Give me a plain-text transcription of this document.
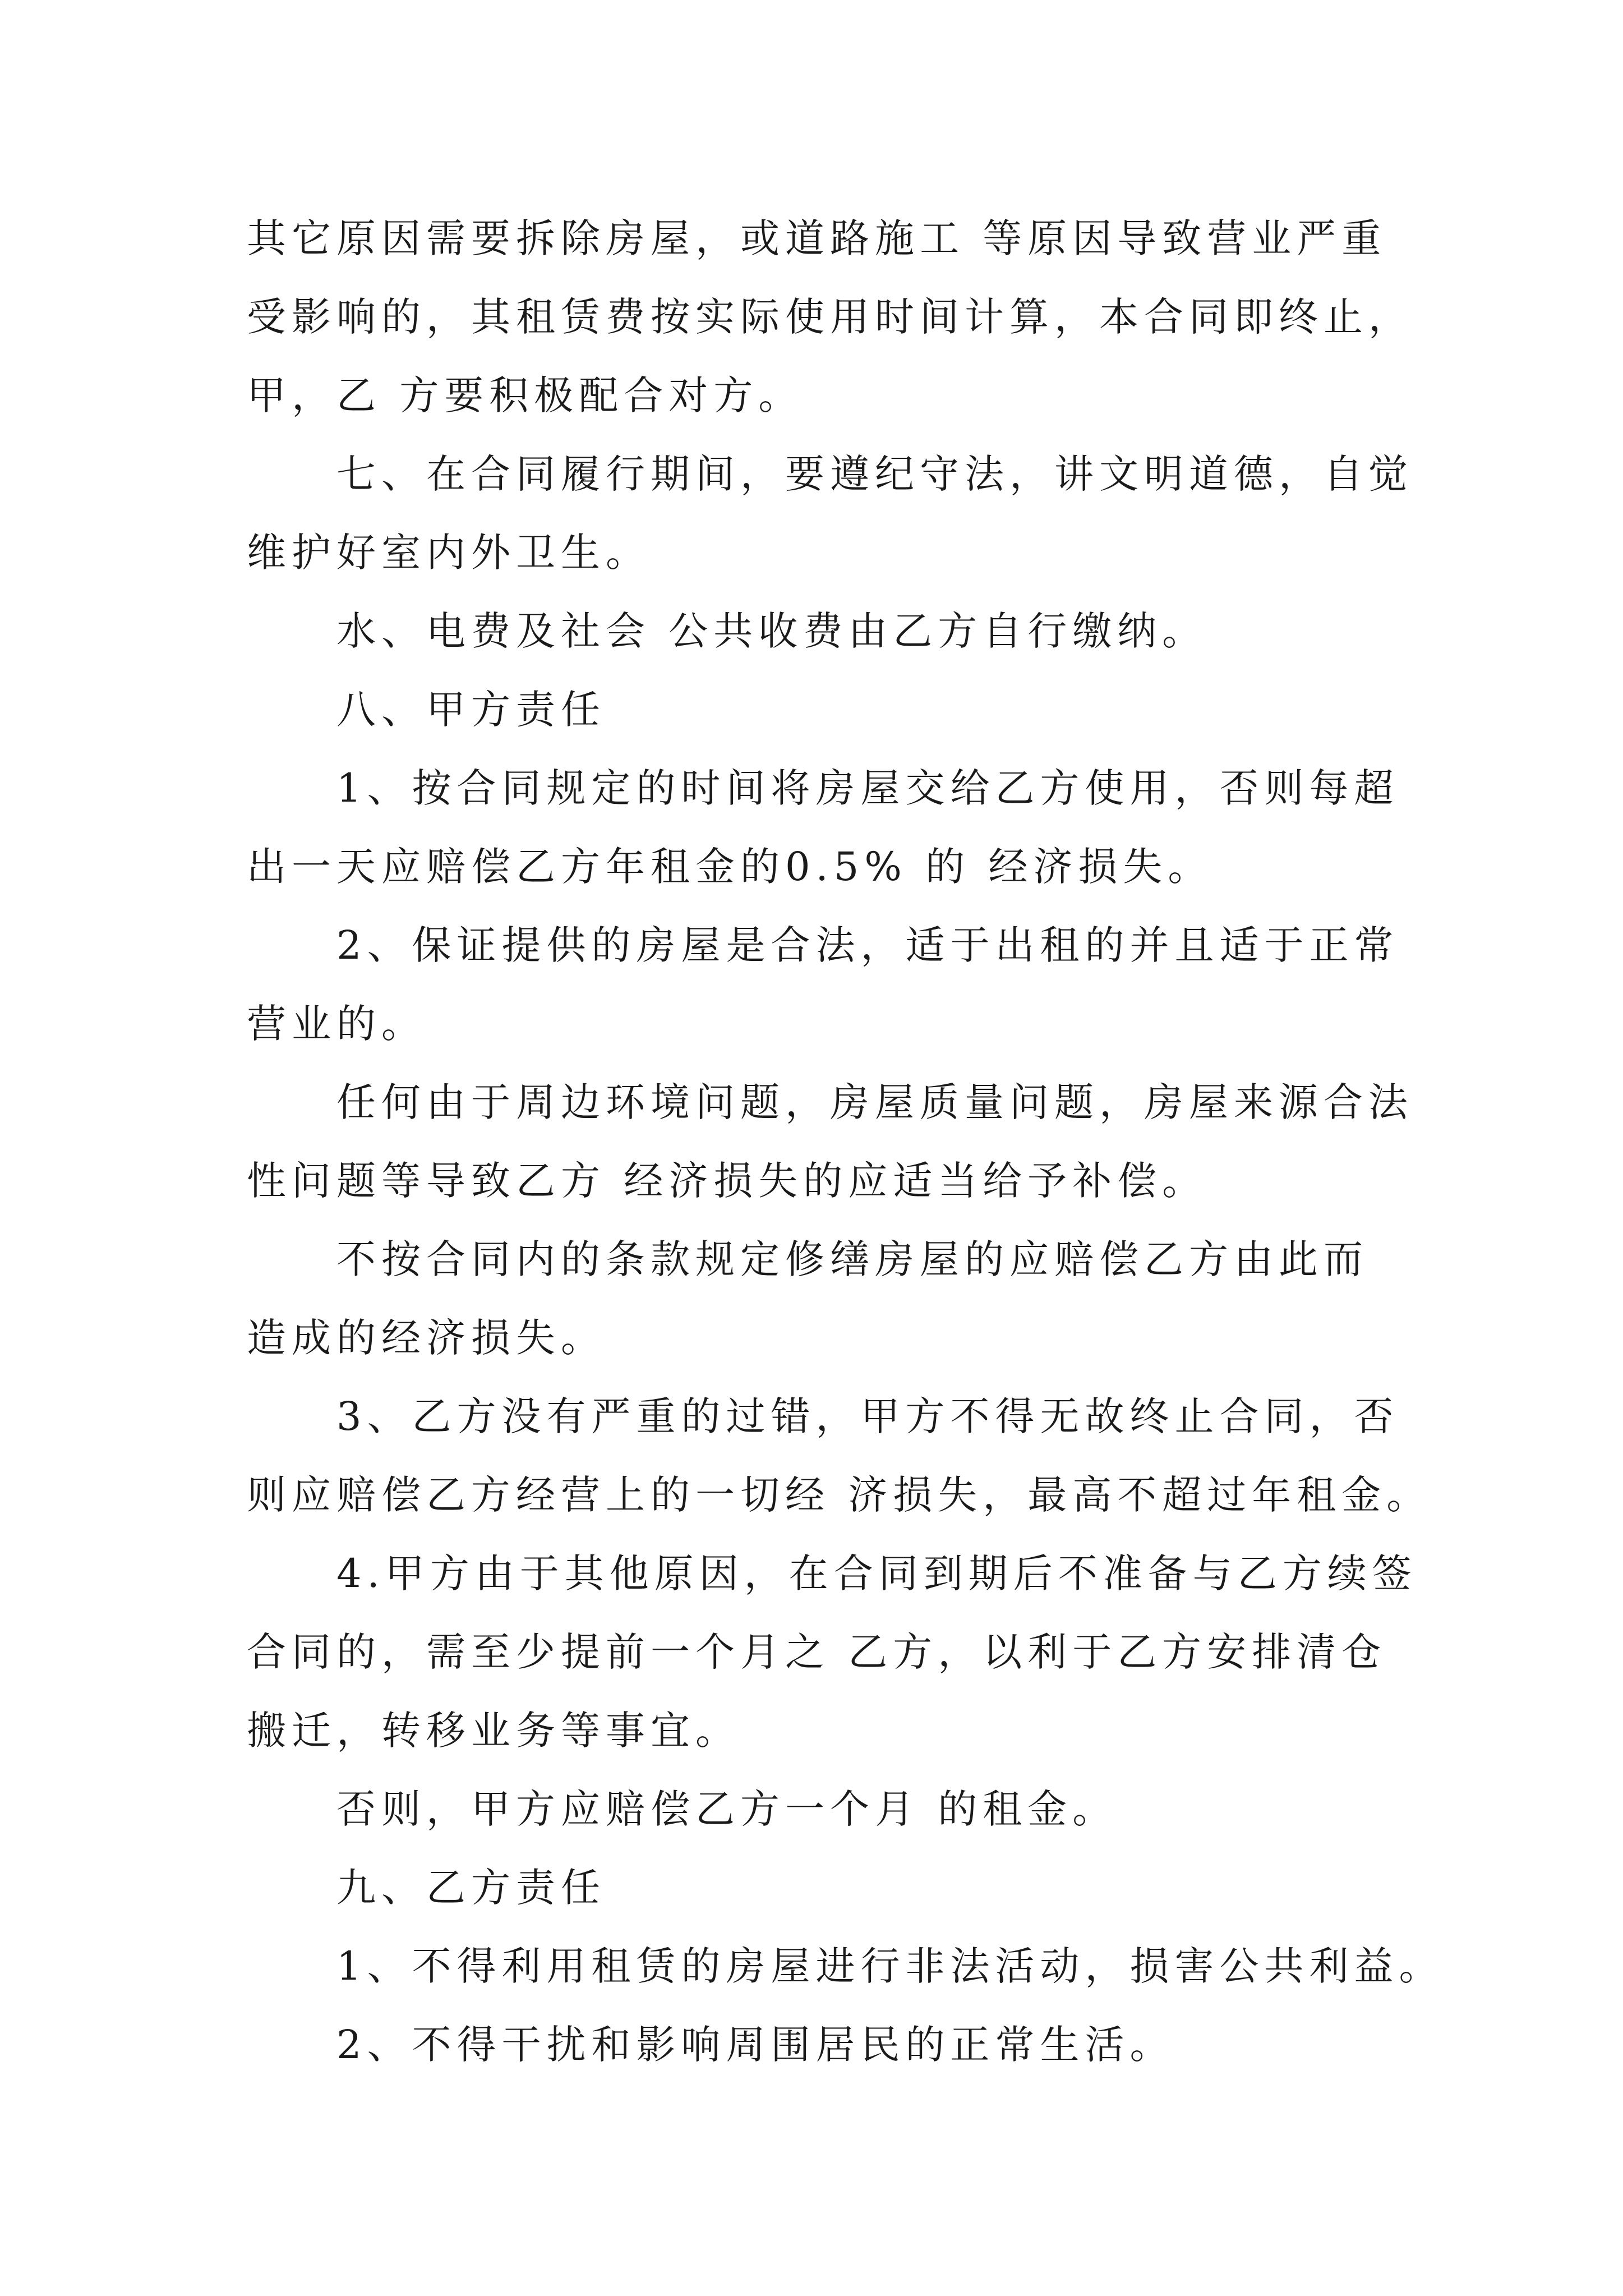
其它原因需要拆除房屋，或道路施工 等原因导致营业严重
受影响的，其租赁费按实际使用时间计算，本合同即终止，
甲，乙 方要积极配合对方。
七、在合同履行期间，要遵纪守法，讲文明道德，自觉
维护好室内外卫生。
水、电费及社会 公共收费由乙方自行缴纳。
八、甲方责任
1、按合同规定的时间将房屋交给乙方使用，否则每超
出一天应赔偿乙方年租金的0.5% 的 经济损失。
2、保证提供的房屋是合法，适于出租的并且适于正常
营业的。
任何由于周边环境问题，房屋质量问题，房屋来源合法
性问题等导致乙方 经济损失的应适当给予补偿。
不按合同内的条款规定修缮房屋的应赔偿乙方由此而
造成的经济损失。
3、乙方没有严重的过错，甲方不得无故终止合同，否
则应赔偿乙方经营上的一切经 济损失，最高不超过年租金。
4.甲方由于其他原因，在合同到期后不准备与乙方续签
合同的，需至少提前一个月之 乙方，以利于乙方安排清仓
搬迁，转移业务等事宜。
否则，甲方应赔偿乙方一个月 的租金。
九、乙方责任
1、不得利用租赁的房屋进行非法活动，损害公共利益。
2、不得干扰和影响周围居民的正常生活。
